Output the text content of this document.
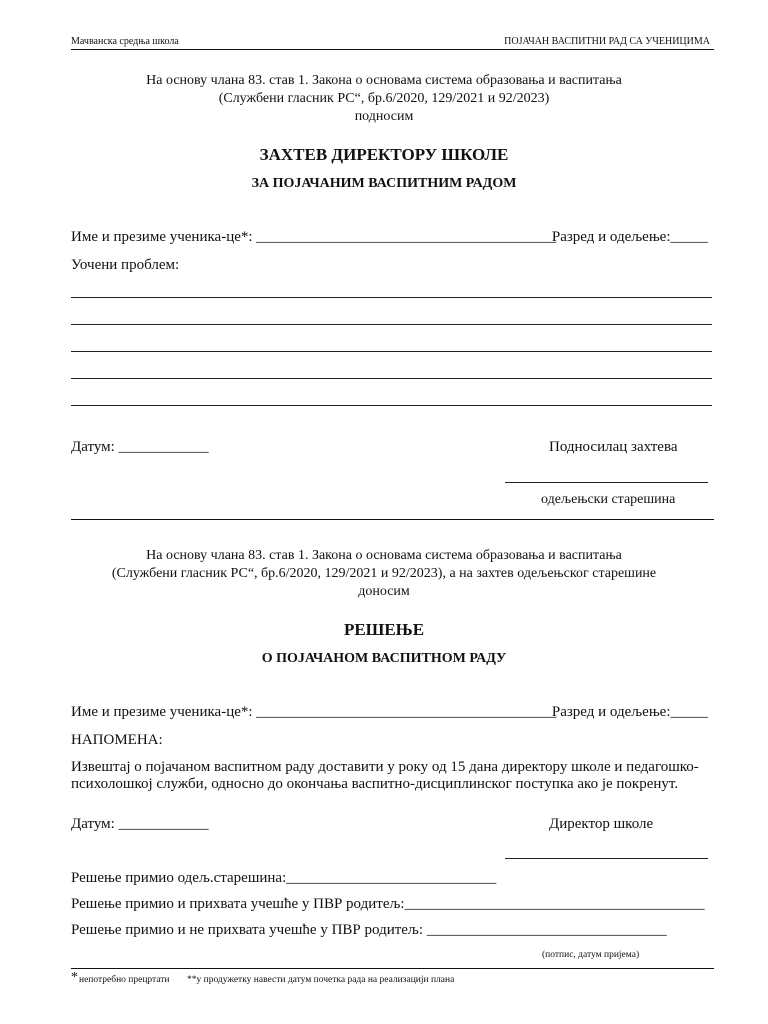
Мачванска средња школа	ПОЈАЧАН ВАСПИТНИ РАД СА УЧЕНИЦИМА
На основу члана 83. став 1. Закона о основама система образовања и васпитања
(Службени гласник РС“, бр.6/2020, 129/2021 и 92/2023)
подносим
ЗАХТЕВ ДИРЕКТОРУ ШКОЛЕ
ЗА ПОЈАЧАНИМ ВАСПИТНИМ РАДОМ
Име и презиме ученика-це*: ________________________________________
Разред и одељење:_____
Уочени проблем:
Датум: ____________	Подносилац захтева
одељењски старешина
На основу члана 83. став 1. Закона о основама система образовања и васпитања
(Службени гласник РС“, бр.6/2020, 129/2021 и 92/2023), а на захтев одељењског старешине
доносим
РЕШЕЊЕ
О ПОЈАЧАНОМ ВАСПИТНОМ РАДУ
Име и презиме ученика-це*: ________________________________________
Разред и одељење:_____
НАПОМЕНА:
Извештај о појачаном васпитном раду доставити у року од 15 дана директору школе и педагошко-
психолошкој служби, односно до окончања васпитно-дисциплинског поступка ако је покренут.
Датум: ____________	Директор школе
Решење примио одељ.старешина:____________________________
Решење примио и прихвата учешће у ПВР родитељ:________________________________________
Решење примио и не прихвата учешће у ПВР родитељ: ________________________________
(потпис, датум пријема)
* непотребно прецртати **у продужетку навести датум почетка рада на реализацији плана
